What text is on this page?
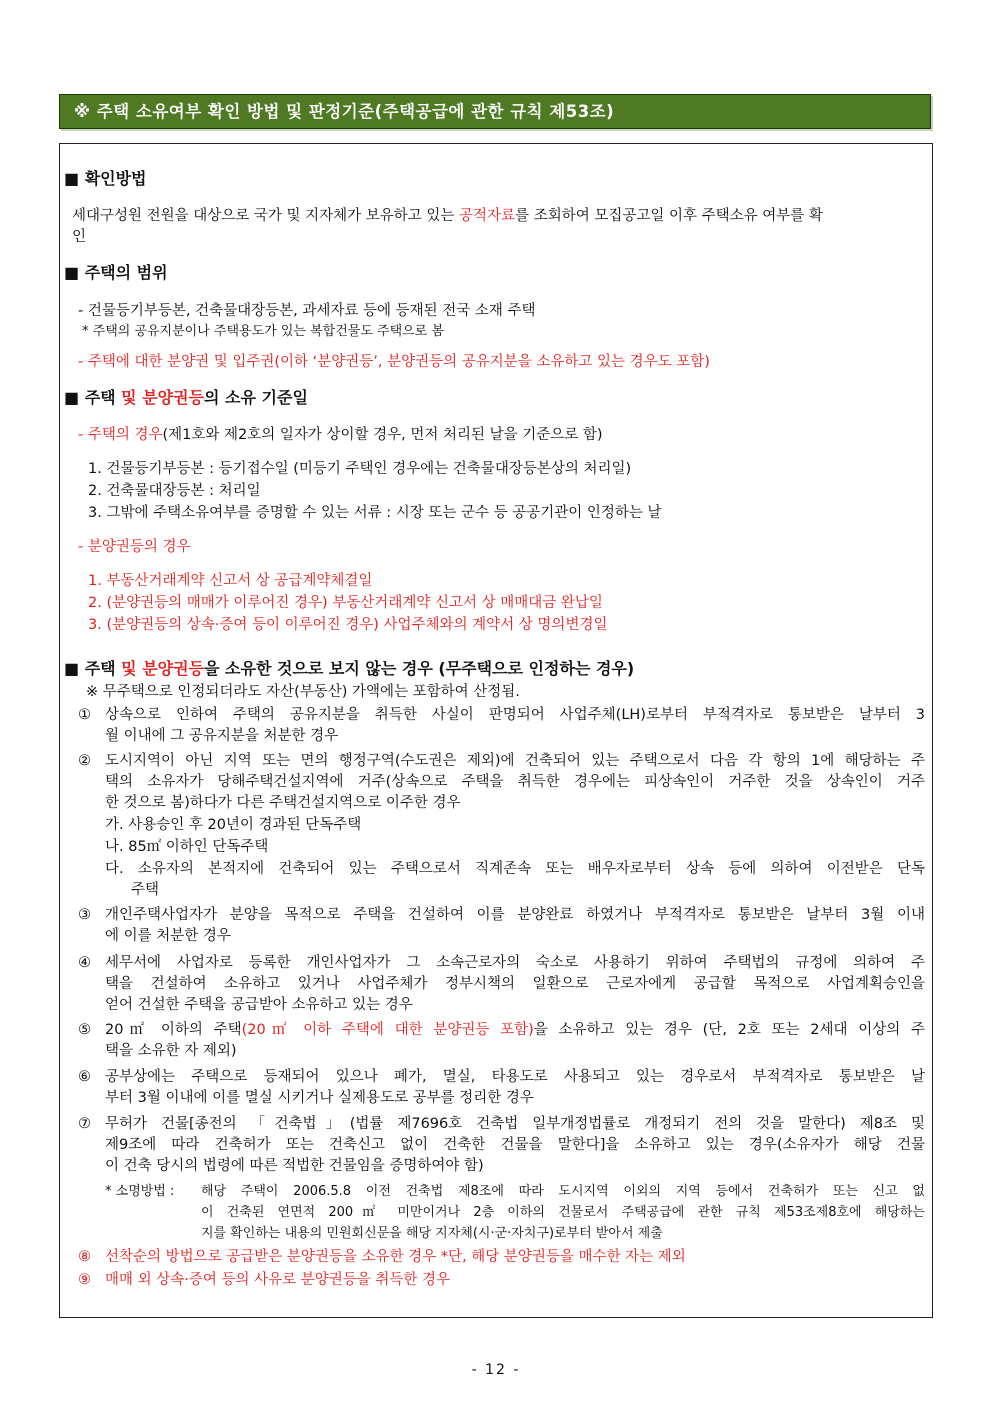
※ 주택 소유여부 확인 방법 및 판정기준(주택공급에 관한 규칙 제53조)
■ 확인방법
세대구성원 전원을 대상으로 국가 및 지자체가 보유하고 있는 공적자료를 조회하여 모집공고일 이후 주택소유 여부를 확
인
■ 주택의 범위
- 건물등기부등본, 건축물대장등본, 과세자료 등에 등재된 전국 소재 주택
* 주택의 공유지분이나 주택용도가 있는 복합건물도 주택으로 봄
- 주택에 대한 분양권 및 입주권(이하 ‘분양권등’, 분양권등의 공유지분을 소유하고 있는 경우도 포함)
■ 주택 및 분양권등의 소유 기준일
- 주택의 경우(제1호와 제2호의 일자가 상이할 경우, 먼저 처리된 날을 기준으로 함)
1. 건물등기부등본 : 등기접수일 (미등기 주택인 경우에는 건축물대장등본상의 처리일)
2. 건축물대장등본 : 처리일
3. 그밖에 주택소유여부를 증명할 수 있는 서류 : 시장 또는 군수 등 공공기관이 인정하는 날
- 분양권등의 경우
1. 부동산거래계약 신고서 상 공급계약체결일
2. (분양권등의 매매가 이루어진 경우) 부동산거래계약 신고서 상 매매대금 완납일
3. (분양권등의 상속·증여 등이 이루어진 경우) 사업주체와의 계약서 상 명의변경일
■ 주택 및 분양권등을 소유한 것으로 보지 않는 경우 (무주택으로 인정하는 경우)
※ 무주택으로 인정되더라도 자산(부동산) 가액에는 포함하여 산정됨.
① 상속으로 인하여 주택의 공유지분을 취득한 사실이 판명되어 사업주체(LH)로부터 부적격자로 통보받은 날부터 3
월 이내에 그 공유지분을 처분한 경우
② 도시지역이 아닌 지역 또는 면의 행정구역(수도권은 제외)에 건축되어 있는 주택으로서 다음 각 항의 1에 해당하는 주
택의 소유자가 당해주택건설지역에 거주(상속으로 주택을 취득한 경우에는 피상속인이 거주한 것을 상속인이 거주
한 것으로 봄)하다가 다른 주택건설지역으로 이주한 경우
가. 사용승인 후 20년이 경과된 단독주택
나. 85㎡ 이하인 단독주택
다. 소유자의 본적지에 건축되어 있는 주택으로서 직계존속 또는 배우자로부터 상속 등에 의하여 이전받은 단독
주택
③ 개인주택사업자가 분양을 목적으로 주택을 건설하여 이를 분양완료 하였거나 부적격자로 통보받은 날부터 3월 이내
에 이를 처분한 경우
④ 세무서에 사업자로 등록한 개인사업자가 그 소속근로자의 숙소로 사용하기 위하여 주택법의 규정에 의하여 주
택을 건설하여 소유하고 있거나 사업주체가 정부시책의 일환으로 근로자에게 공급할 목적으로 사업계획승인을
얻어 건설한 주택을 공급받아 소유하고 있는 경우
⑤ 20㎡ 이하의 주택(20㎡ 이하 주택에 대한 분양권등 포함)을 소유하고 있는 경우 (단, 2호 또는 2세대 이상의 주
택을 소유한 자 제외)
⑥ 공부상에는 주택으로 등재되어 있으나 폐가, 멸실, 타용도로 사용되고 있는 경우로서 부적격자로 통보받은 날
부터 3월 이내에 이를 멸실 시키거나 실제용도로 공부를 정리한 경우
⑦ 무허가 건물[종전의 「건축법」(법률 제7696호 건축법 일부개정법률로 개정되기 전의 것을 말한다) 제8조 및
제9조에 따라 건축허가 또는 건축신고 없이 건축한 건물을 말한다]을 소유하고 있는 경우(소유자가 해당 건물
이 건축 당시의 법령에 따른 적법한 건물임을 증명하여야 함)
* 소명방법 : 해당 주택이 2006.5.8 이전 건축법 제8조에 따라 도시지역 이외의 지역 등에서 건축허가 또는 신고 없
이 건축된 연면적 200㎡ 미만이거나 2층 이하의 건물로서 주택공급에 관한 규칙 제53조제8호에 해당하는
지를 확인하는 내용의 민원회신문을 해당 지자체(시·군·자치구)로부터 받아서 제출
⑧ 선착순의 방법으로 공급받은 분양권등을 소유한 경우 *단, 해당 분양권등을 매수한 자는 제외
⑨ 매매 외 상속·증여 등의 사유로 분양권등을 취득한 경우
- 12 -
